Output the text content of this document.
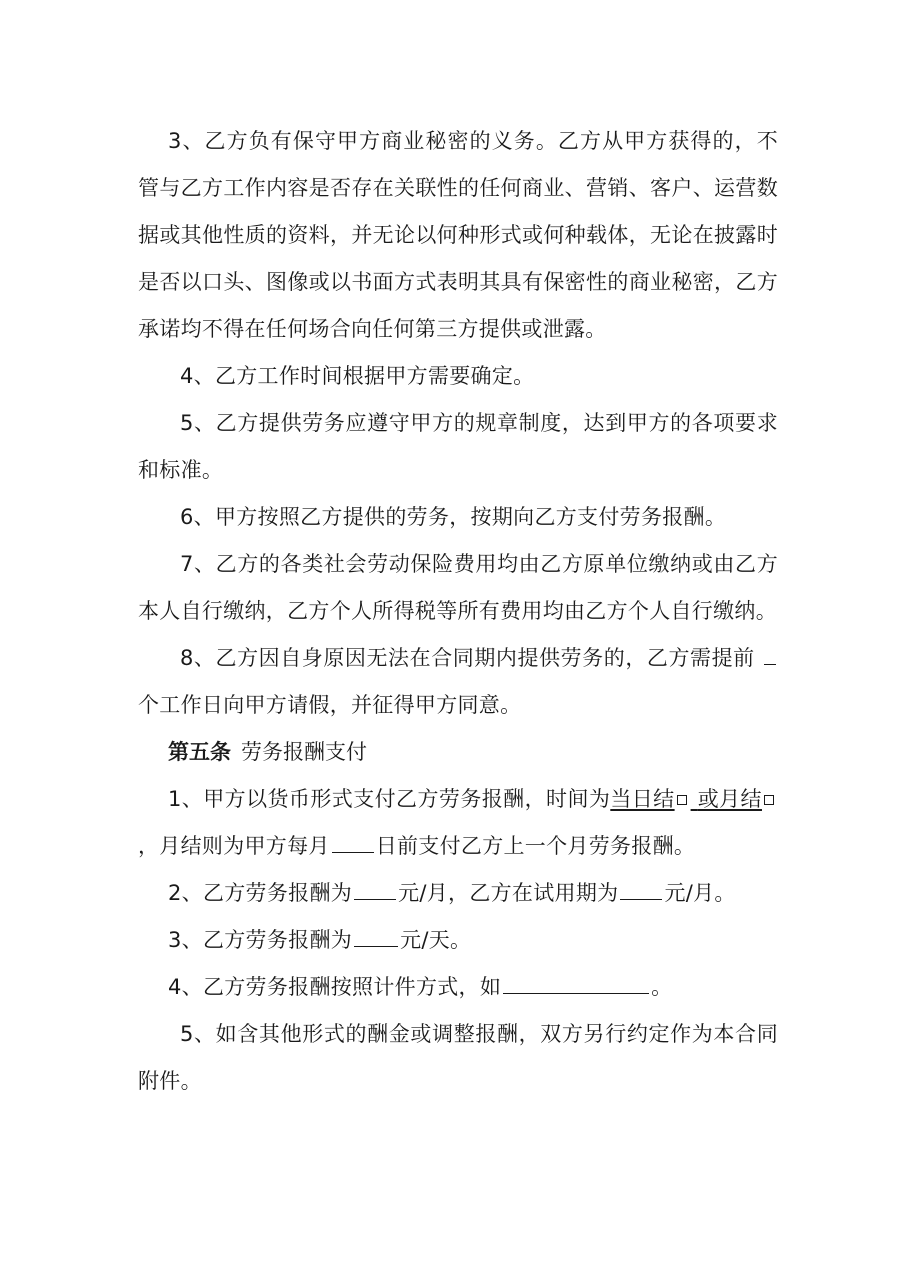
3、乙方负有保守甲方商业秘密的义务。乙方从甲方获得的，不管与乙方工作内容是否存在关联性的任何商业、营销、客户、运营数据或其他性质的资料，并无论以何种形式或何种载体，无论在披露时是否以口头、图像或以书面方式表明其具有保密性的商业秘密，乙方承诺均不得在任何场合向任何第三方提供或泄露。

4、乙方工作时间根据甲方需要确定。

5、乙方提供劳务应遵守甲方的规章制度，达到甲方的各项要求和标准。

6、甲方按照乙方提供的劳务，按期向乙方支付劳务报酬。

7、乙方的各类社会劳动保险费用均由乙方原单位缴纳或由乙方本人自行缴纳，乙方个人所得税等所有费用均由乙方个人自行缴纳。

8、乙方因自身原因无法在合同期内提供劳务的，乙方需提前 个工作日向甲方请假，并征得甲方同意。

第五条 劳务报酬支付

1、甲方以货币形式支付乙方劳务报酬，时间为当日结 或月结，月结则为甲方每月 日前支付乙方上一个月劳务报酬。

2、乙方劳务报酬为 元/月，乙方在试用期为 元/月。

3、乙方劳务报酬为 元/天。

4、乙方劳务报酬按照计件方式，如	。

5、如含其他形式的酬金或调整报酬，双方另行约定作为本合同附件。
